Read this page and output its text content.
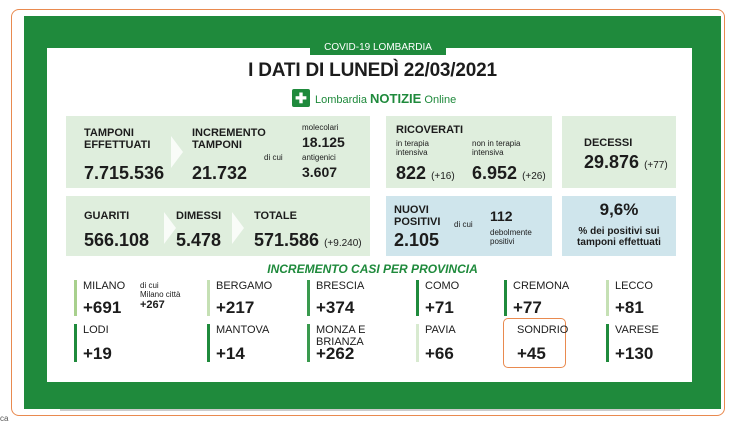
COVID-19 LOMBARDIA
I DATI DI LUNEDÌ 22/03/2021
✚ Lombardia NOTIZIE Online
TAMPONI EFFETTUATI
7.715.536
INCREMENTO TAMPONI
21.732
di cui
molecolari
18.125
antigenici
3.607
RICOVERATI
in terapia intensiva
822 (+16)
non in terapia intensiva
6.952 (+26)
DECESSI
29.876 (+77)
GUARITI
566.108
DIMESSI
5.478
TOTALE
571.586 (+9.240)
NUOVI POSITIVI
2.105
di cui
112
debolmente positivi
9,6%
% dei positivi sui tamponi effettuati
INCREMENTO CASI PER PROVINCIA
MILANO
+691
di cui
Milano città
+267
BERGAMO
+217
BRESCIA
+374
COMO
+71
CREMONA
+77
LECCO
+81
LODI
+19
MANTOVA
+14
MONZA E BRIANZA
+262
PAVIA
+66
SONDRIO
+45
VARESE
+130
ca
